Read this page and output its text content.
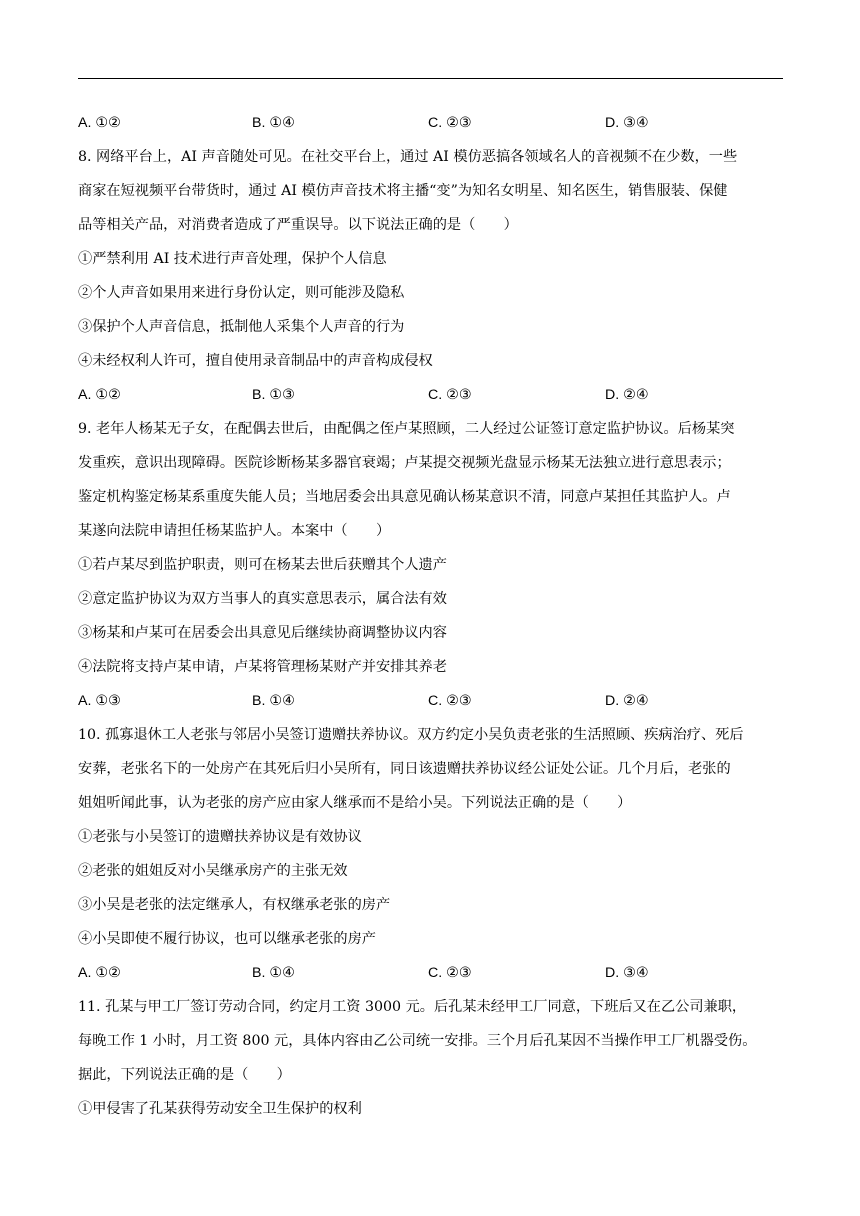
A. ①②	B. ①④	C. ②③	D. ③④
8. 网络平台上，AI 声音随处可见。在社交平台上，通过 AI 模仿恶搞各领域名人的音视频不在少数，一些
商家在短视频平台带货时，通过 AI 模仿声音技术将主播“变”为知名女明星、知名医生，销售服装、保健
品等相关产品，对消费者造成了严重误导。以下说法正确的是（　　）
①严禁利用 AI 技术进行声音处理，保护个人信息
②个人声音如果用来进行身份认定，则可能涉及隐私
③保护个人声音信息，抵制他人采集个人声音的行为
④未经权利人许可，擅自使用录音制品中的声音构成侵权
A. ①②	B. ①③	C. ②③	D. ②④
9. 老年人杨某无子女，在配偶去世后，由配偶之侄卢某照顾，二人经过公证签订意定监护协议。后杨某突
发重疾，意识出现障碍。医院诊断杨某多器官衰竭；卢某提交视频光盘显示杨某无法独立进行意思表示；
鉴定机构鉴定杨某系重度失能人员；当地居委会出具意见确认杨某意识不清，同意卢某担任其监护人。卢
某遂向法院申请担任杨某监护人。本案中（　　）
①若卢某尽到监护职责，则可在杨某去世后获赠其个人遗产
②意定监护协议为双方当事人的真实意思表示，属合法有效
③杨某和卢某可在居委会出具意见后继续协商调整协议内容
④法院将支持卢某申请，卢某将管理杨某财产并安排其养老
A. ①③	B. ①④	C. ②③	D. ②④
10. 孤寡退休工人老张与邻居小吴签订遗赠扶养协议。双方约定小吴负责老张的生活照顾、疾病治疗、死后
安葬，老张名下的一处房产在其死后归小吴所有，同日该遗赠扶养协议经公证处公证。几个月后，老张的
姐姐听闻此事，认为老张的房产应由家人继承而不是给小吴。下列说法正确的是（　　）
①老张与小吴签订的遗赠扶养协议是有效协议
②老张的姐姐反对小吴继承房产的主张无效
③小吴是老张的法定继承人，有权继承老张的房产
④小吴即使不履行协议，也可以继承老张的房产
A. ①②	B. ①④	C. ②③	D. ③④
11. 孔某与甲工厂签订劳动合同，约定月工资 3000 元。后孔某未经甲工厂同意，下班后又在乙公司兼职，
每晚工作 1 小时，月工资 800 元，具体内容由乙公司统一安排。三个月后孔某因不当操作甲工厂机器受伤。
据此，下列说法正确的是（　　）
①甲侵害了孔某获得劳动安全卫生保护的权利
